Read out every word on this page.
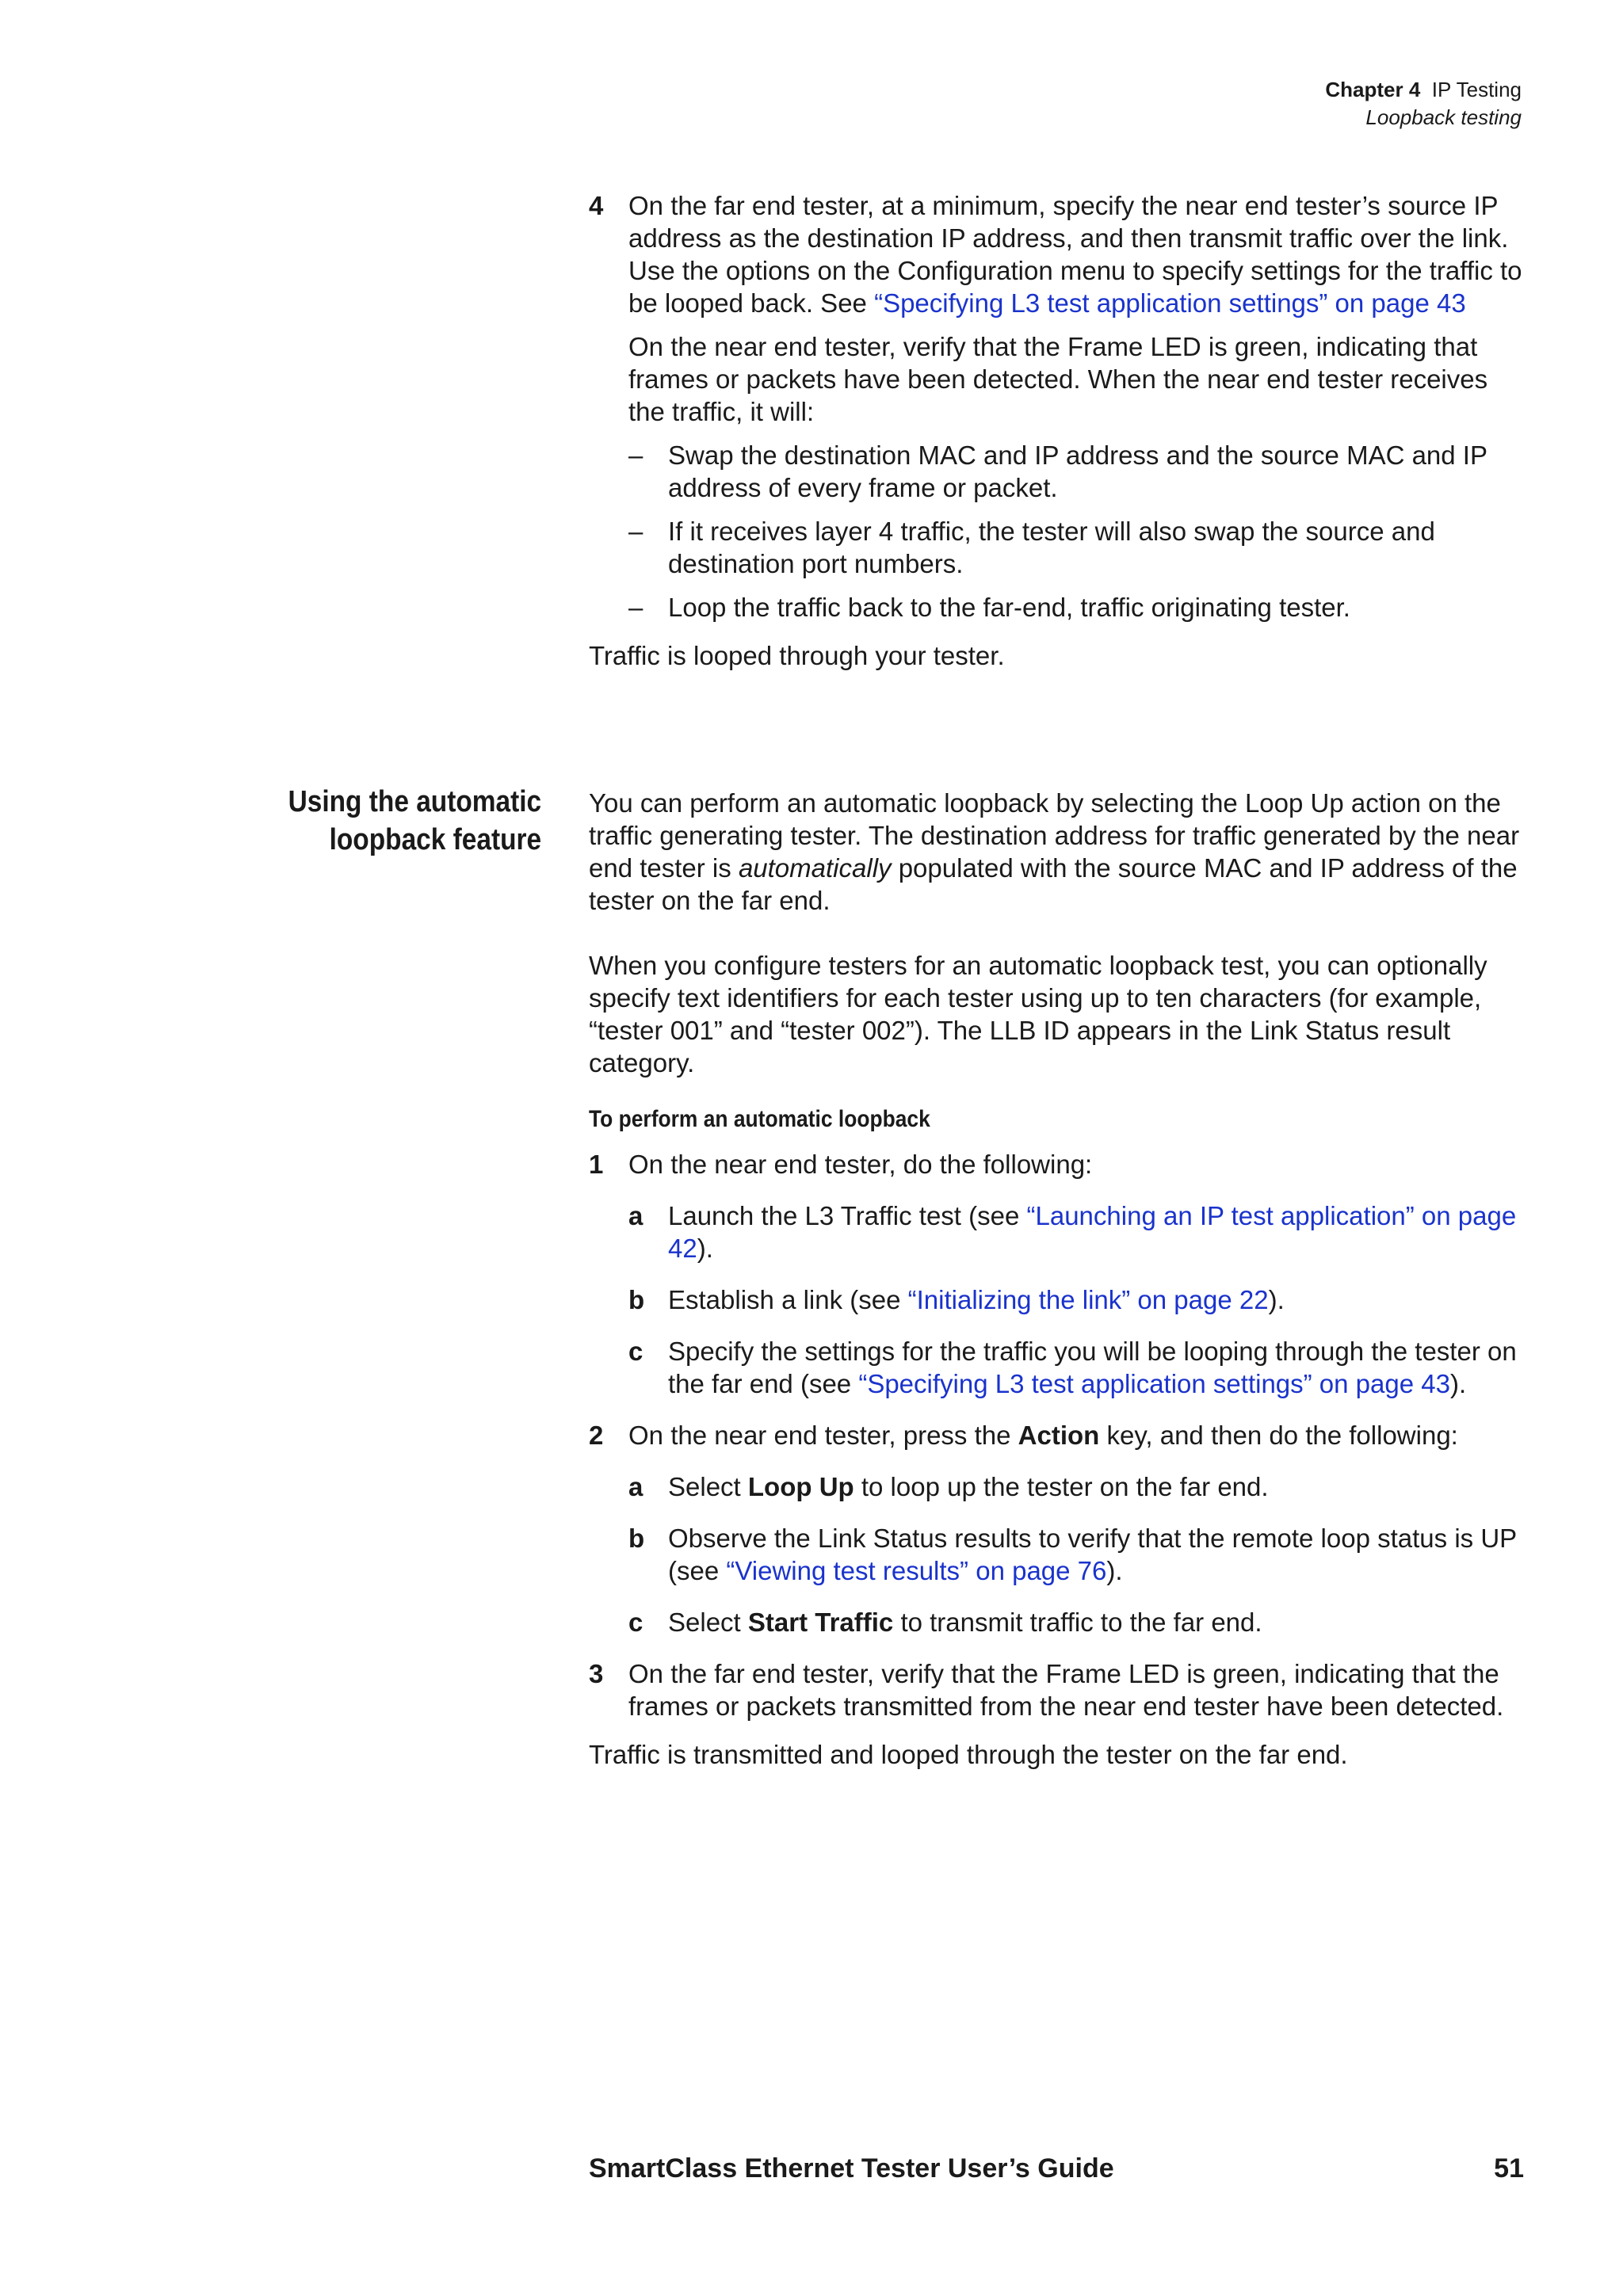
Chapter 4 IP Testing
Loopback testing
4 On the far end tester, at a minimum, specify the near end tester’s source IP address as the destination IP address, and then transmit traffic over the link. Use the options on the Configuration menu to specify settings for the traffic to be looped back. See “Specifying L3 test application settings” on page 43

On the near end tester, verify that the Frame LED is green, indicating that frames or packets have been detected. When the near end tester receives the traffic, it will:

– Swap the destination MAC and IP address and the source MAC and IP address of every frame or packet.
– If it receives layer 4 traffic, the tester will also swap the source and destination port numbers.
– Loop the traffic back to the far-end, traffic originating tester.

Traffic is looped through your tester.

Using the automatic
loopback feature

You can perform an automatic loopback by selecting the Loop Up action on the traffic generating tester. The destination address for traffic generated by the near end tester is automatically populated with the source MAC and IP address of the tester on the far end.

When you configure testers for an automatic loopback test, you can optionally specify text identifiers for each tester using up to ten characters (for example, “tester 001” and “tester 002”). The LLB ID appears in the Link Status result category.

To perform an automatic loopback
1 On the near end tester, do the following:

a Launch the L3 Traffic test (see “Launching an IP test application” on page 42).
b Establish a link (see “Initializing the link” on page 22).
c Specify the settings for the traffic you will be looping through the tester on the far end (see “Specifying L3 test application settings” on page 43).
2 On the near end tester, press the Action key, and then do the following:

a Select Loop Up to loop up the tester on the far end.
b Observe the Link Status results to verify that the remote loop status is UP (see “Viewing test results” on page 76).
c Select Start Traffic to transmit traffic to the far end.
3 On the far end tester, verify that the Frame LED is green, indicating that the frames or packets transmitted from the near end tester have been detected.

Traffic is transmitted and looped through the tester on the far end.

SmartClass Ethernet Tester User’s Guide	51
